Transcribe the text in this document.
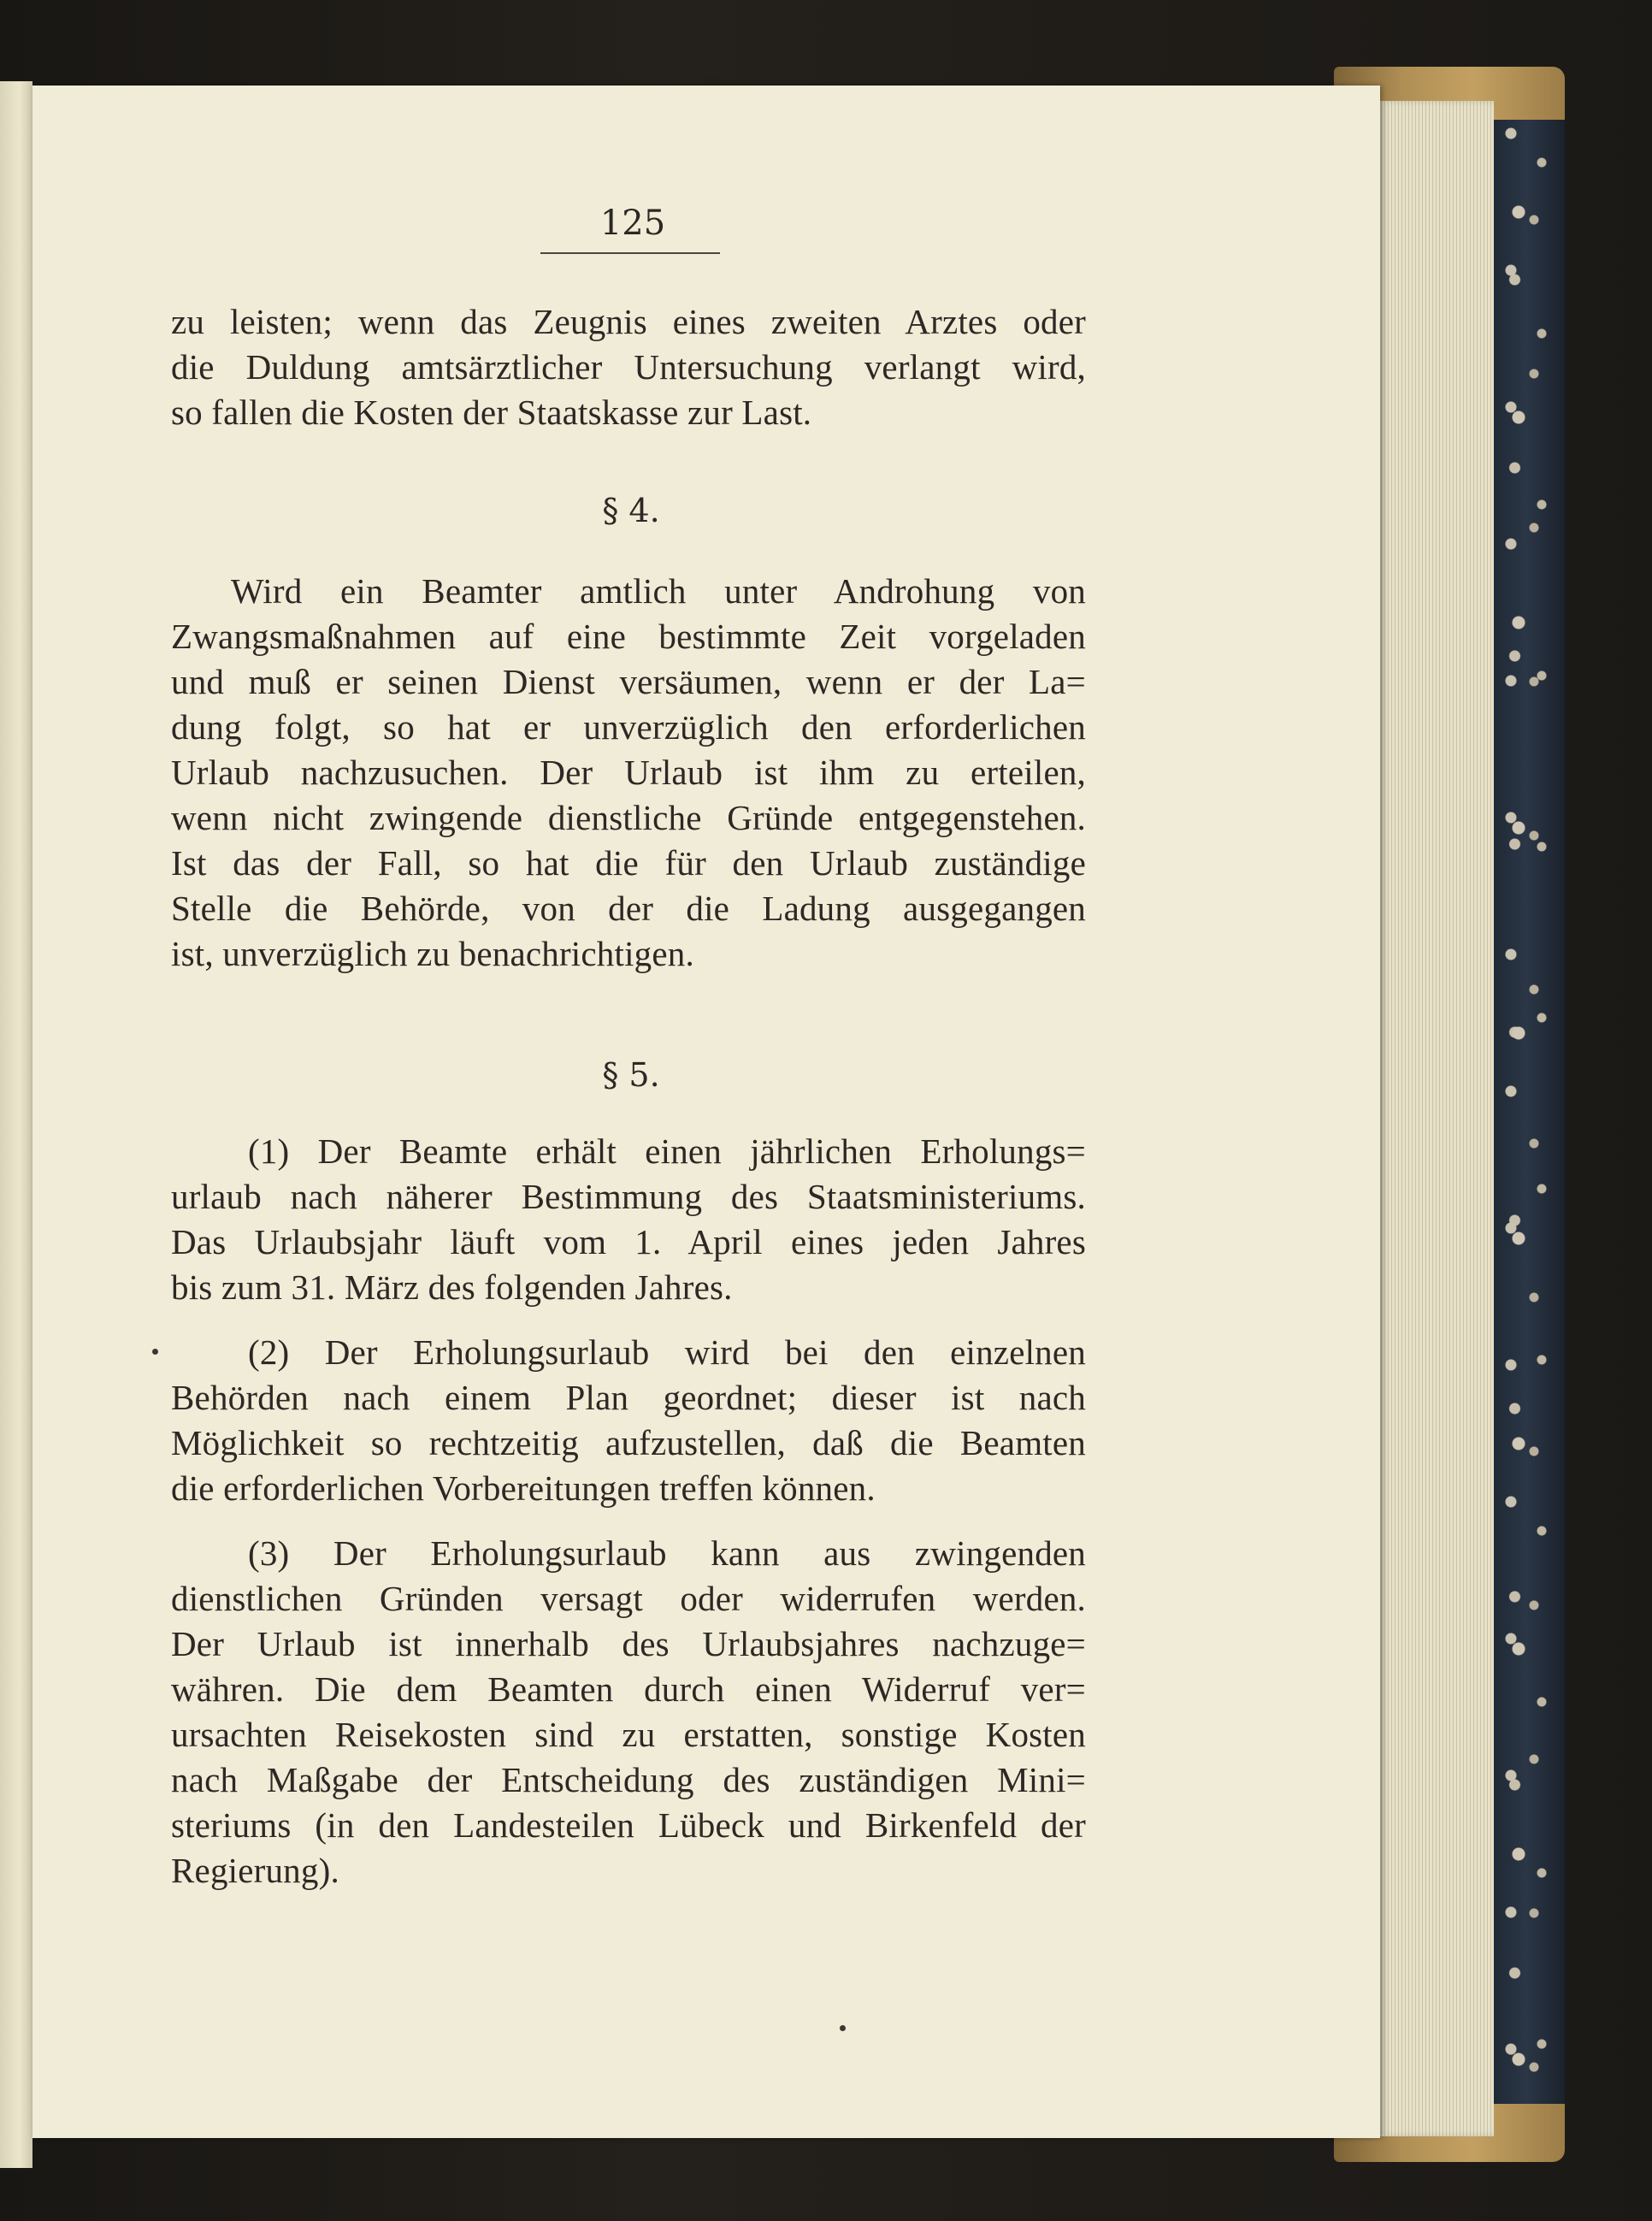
125
zu leisten; wenn das Zeugnis eines zweiten Arztes oder
die Duldung amtsärztlicher Untersuchung verlangt wird,
so fallen die Kosten der Staatskasse zur Last.
§ 4.
Wird ein Beamter amtlich unter Androhung von
Zwangsmaßnahmen auf eine bestimmte Zeit vorgeladen
und muß er seinen Dienst versäumen, wenn er der La=
dung folgt, so hat er unverzüglich den erforderlichen
Urlaub nachzusuchen. Der Urlaub ist ihm zu erteilen,
wenn nicht zwingende dienstliche Gründe entgegenstehen.
Ist das der Fall, so hat die für den Urlaub zuständige
Stelle die Behörde, von der die Ladung ausgegangen
ist, unverzüglich zu benachrichtigen.
§ 5.
(1) Der Beamte erhält einen jährlichen Erholungs=
urlaub nach näherer Bestimmung des Staatsministeriums.
Das Urlaubsjahr läuft vom 1. April eines jeden Jahres
bis zum 31. März des folgenden Jahres.
(2) Der Erholungsurlaub wird bei den einzelnen
Behörden nach einem Plan geordnet; dieser ist nach
Möglichkeit so rechtzeitig aufzustellen, daß die Beamten
die erforderlichen Vorbereitungen treffen können.
(3) Der Erholungsurlaub kann aus zwingenden
dienstlichen Gründen versagt oder widerrufen werden.
Der Urlaub ist innerhalb des Urlaubsjahres nachzuge=
währen. Die dem Beamten durch einen Widerruf ver=
ursachten Reisekosten sind zu erstatten, sonstige Kosten
nach Maßgabe der Entscheidung des zuständigen Mini=
steriums (in den Landesteilen Lübeck und Birkenfeld der
Regierung).
